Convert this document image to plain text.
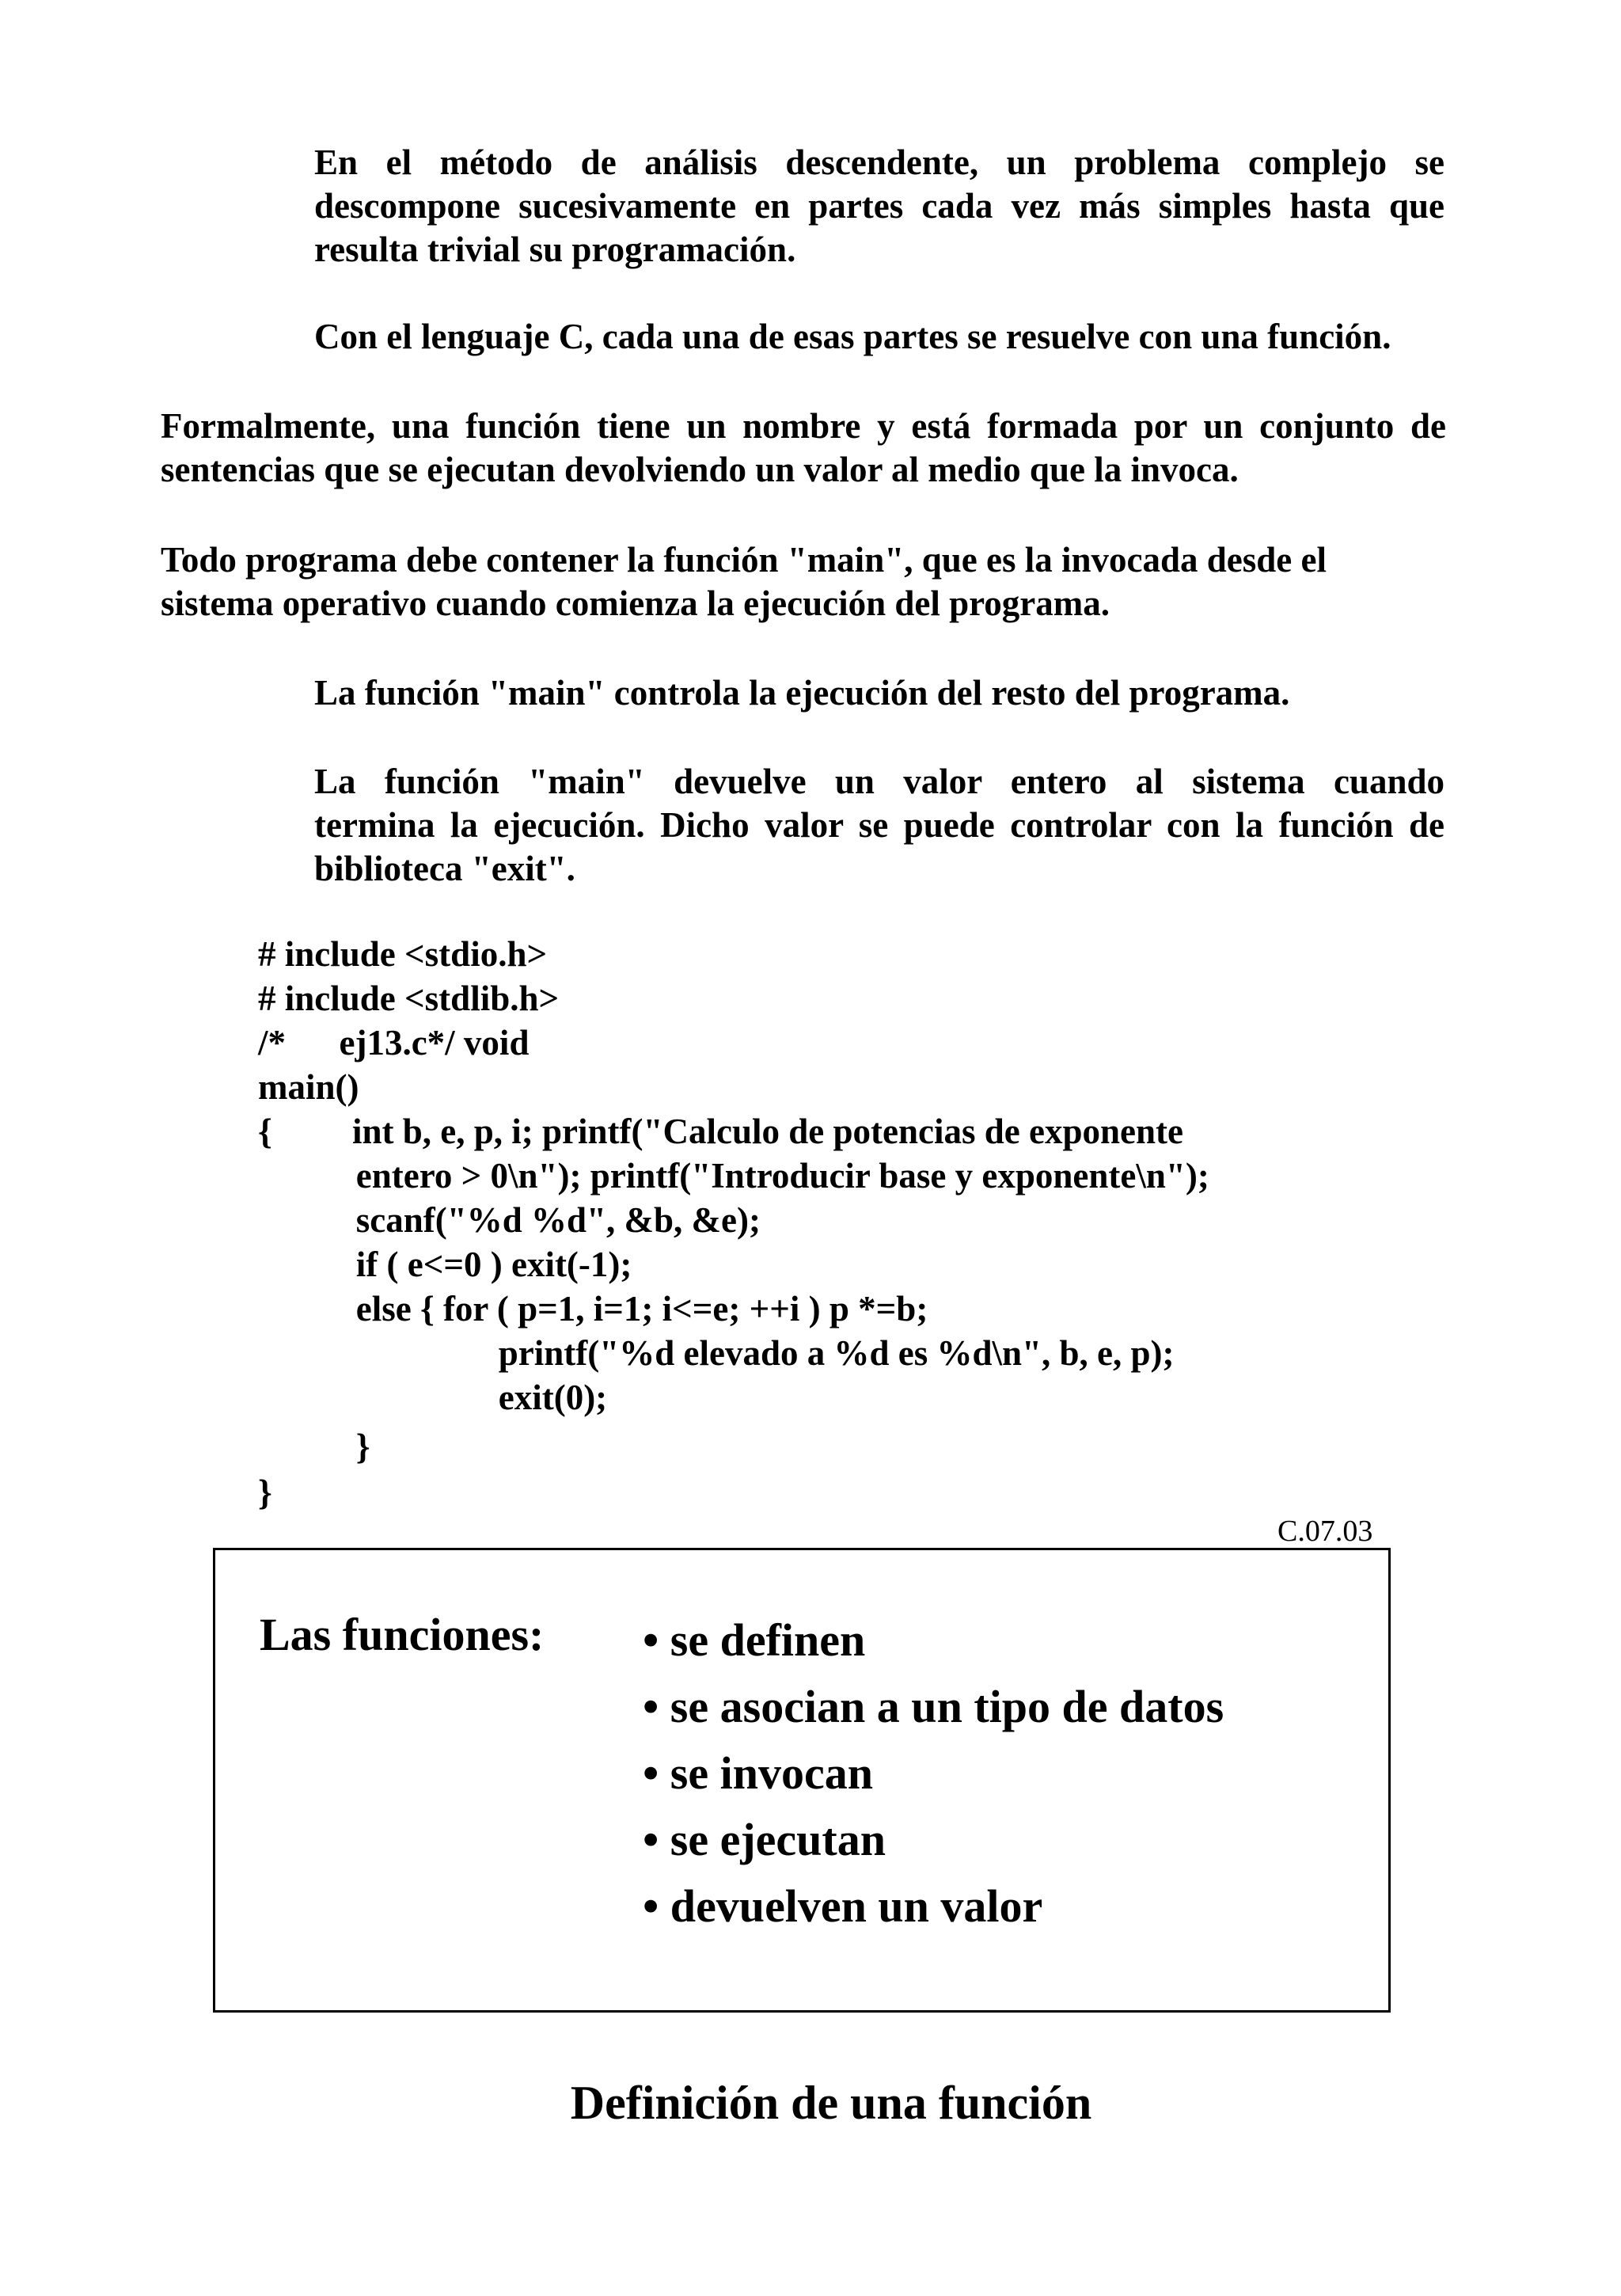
En el método de análisis descendente, un problema complejo se

descompone sucesivamente en partes cada vez más simples hasta que

resulta trivial su programación.

Con el lenguaje C, cada una de esas partes se resuelve con una función.

Formalmente, una función tiene un nombre y está formada por un conjunto de

sentencias que se ejecutan devolviendo un valor al medio que la invoca.

Todo programa debe contener la función "main", que es la invocada desde el

sistema operativo cuando comienza la ejecución del programa.

La función "main" controla la ejecución del resto del programa.

La función "main" devuelve un valor entero al sistema cuando

termina la ejecución. Dicho valor se puede controlar con la función de

biblioteca "exit".

# include <stdio.h>

# include <stdlib.h>

/*      ej13.c*/ void

main()

{         int b, e, p, i; printf("Calculo de potencias de exponente

entero > 0\n"); printf("Introducir base y exponente\n");

scanf("%d %d", &b, &e);

if ( e<=0 ) exit(-1);

else { for ( p=1, i=1; i<=e; ++i ) p *=b;

printf("%d elevado a %d es %d\n", b, e, p);

exit(0);

}

}

C.07.03
Las funciones: • se definen
• se asocian a un tipo de datos
• se invocan
• se ejecutan
• devuelven un valor
Definición de una función
